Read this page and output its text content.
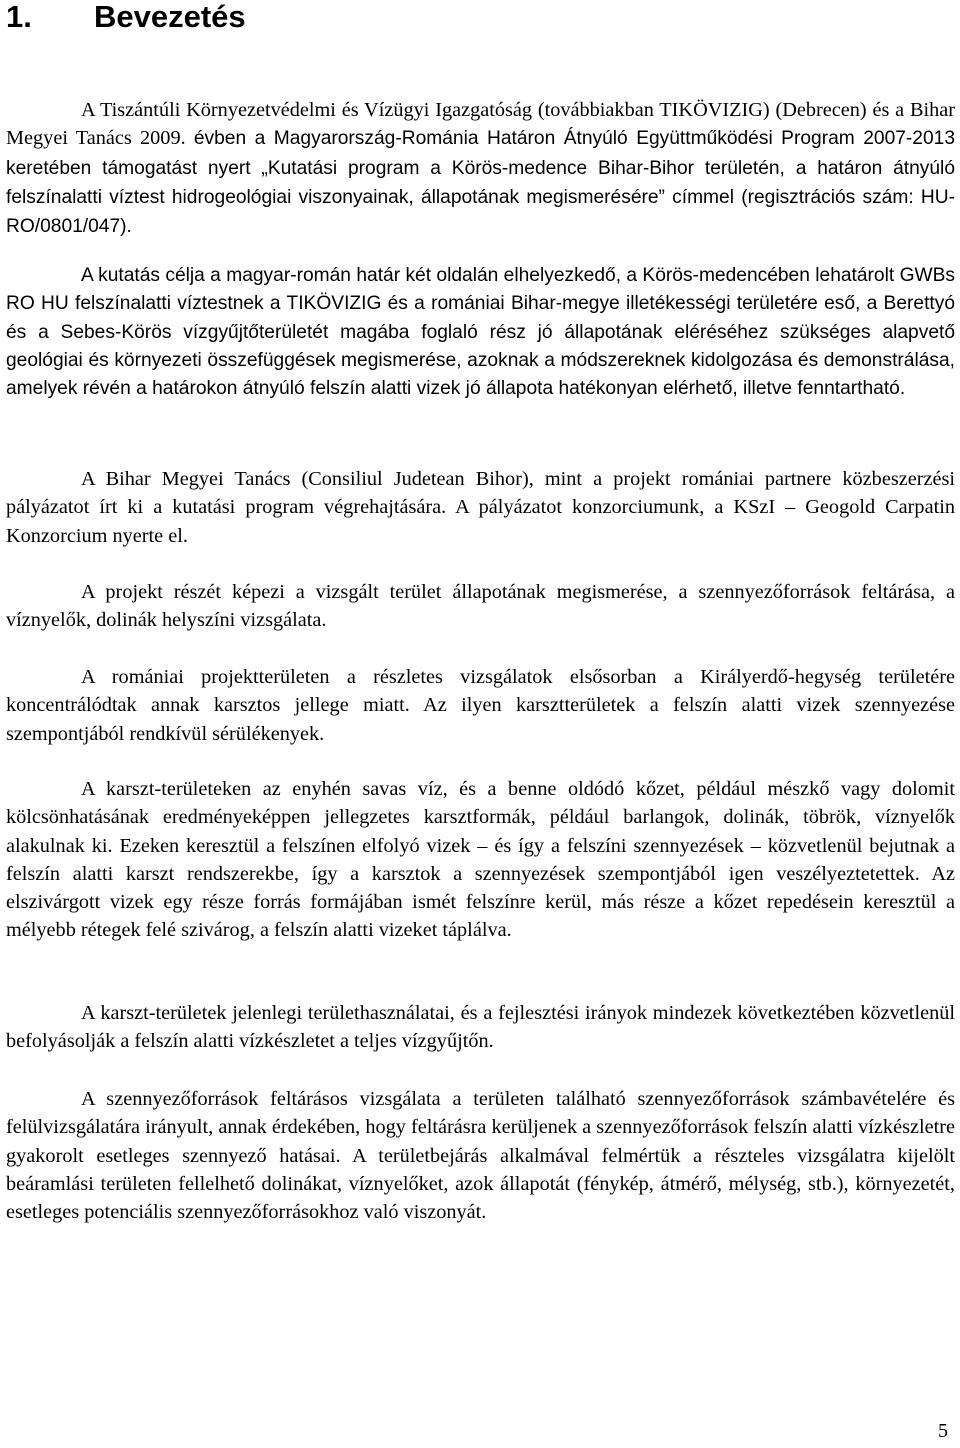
1. Bevezetés

A Tiszántúli Környezetvédelmi és Vízügyi Igazgatóság (továbbiakban TIKÖVIZIG) (Debrecen) és a Bihar Megyei Tanács 2009. évben a Magyarország-Románia Határon Átnyúló Együttműködési Program 2007-2013 keretében támogatást nyert „Kutatási program a Körös-medence Bihar-Bihor területén, a határon átnyúló felszínalatti víztest hidrogeológiai viszonyainak, állapotának megismerésére” címmel (regisztrációs szám: HU-RO/0801/047).

A kutatás célja a magyar-román határ két oldalán elhelyezkedő, a Körös-medencében lehatárolt GWBs RO HU felszínalatti víztestnek a TIKÖVIZIG és a romániai Bihar-megye illetékességi területére eső, a Berettyó és a Sebes-Körös vízgyűjtőterületét magába foglaló rész jó állapotának eléréséhez szükséges alapvető geológiai és környezeti összefüggések megismerése, azoknak a módszereknek kidolgozása és demonstrálása, amelyek révén a határokon átnyúló felszín alatti vizek jó állapota hatékonyan elérhető, illetve fenntartható.

A Bihar Megyei Tanács (Consiliul Judetean Bihor), mint a projekt romániai partnere közbeszerzési pályázatot írt ki a kutatási program végrehajtására. A pályázatot konzorciumunk, a KSzI – Geogold Carpatin Konzorcium nyerte el.

A projekt részét képezi a vizsgált terület állapotának megismerése, a szennyezőforrások feltárása, a víznyelők, dolinák helyszíni vizsgálata.

A romániai projektterületen a részletes vizsgálatok elsősorban a Királyerdő-hegység területére koncentrálódtak annak karsztos jellege miatt. Az ilyen karsztterületek a felszín alatti vizek szennyezése szempontjából rendkívül sérülékenyek.

A karszt-területeken az enyhén savas víz, és a benne oldódó kőzet, például mészkő vagy dolomit kölcsönhatásának eredményeképpen jellegzetes karsztformák, például barlangok, dolinák, töbrök, víznyelők alakulnak ki. Ezeken keresztül a felszínen elfolyó vizek – és így a felszíni szennyezések – közvetlenül bejutnak a felszín alatti karszt rendszerekbe, így a karsztok a szennyezések szempontjából igen veszélyeztetettek. Az elszivárgott vizek egy része forrás formájában ismét felszínre kerül, más része a kőzet repedésein keresztül a mélyebb rétegek felé szivárog, a felszín alatti vizeket táplálva.

A karszt-területek jelenlegi területhasználatai, és a fejlesztési irányok mindezek következtében közvetlenül befolyásolják a felszín alatti vízkészletet a teljes vízgyűjtőn.

A szennyezőforrások feltárásos vizsgálata a területen található szennyezőforrások számbavételére és felülvizsgálatára irányult, annak érdekében, hogy feltárásra kerüljenek a szennyezőforrások felszín alatti vízkészletre gyakorolt esetleges szennyező hatásai. A területbejárás alkalmával felmértük a részteles vizsgálatra kijelölt beáramlási területen fellelhető dolinákat, víznyelőket, azok állapotát (fénykép, átmérő, mélység, stb.), környezetét, esetleges potenciális szennyezőforrásokhoz való viszonyát.

5
